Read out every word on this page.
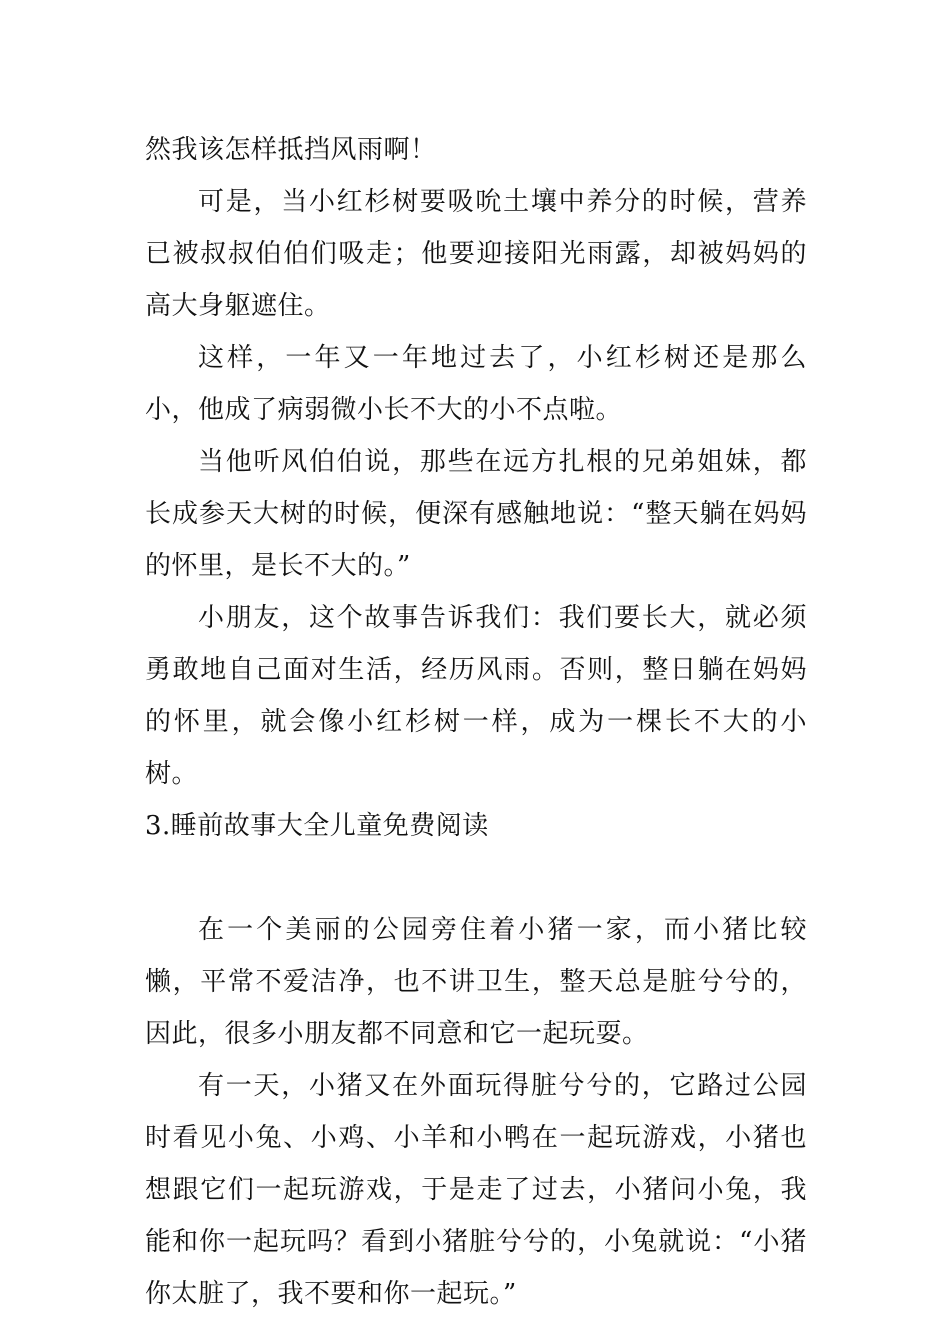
然我该怎样抵挡风雨啊！

可是，当小红杉树要吸吮土壤中养分的时候，营养已被叔叔伯伯们吸走；他要迎接阳光雨露，却被妈妈的高大身躯遮住。

这样，一年又一年地过去了，小红杉树还是那么小，他成了病弱微小长不大的小不点啦。

当他听风伯伯说，那些在远方扎根的兄弟姐妹，都长成参天大树的时候，便深有感触地说：“整天躺在妈妈的怀里，是长不大的。”

小朋友，这个故事告诉我们：我们要长大，就必须勇敢地自己面对生活，经历风雨。否则，整日躺在妈妈的怀里，就会像小红杉树一样，成为一棵长不大的小树。

3.睡前故事大全儿童免费阅读

在一个美丽的公园旁住着小猪一家，而小猪比较懒，平常不爱洁净，也不讲卫生，整天总是脏兮兮的，因此，很多小朋友都不同意和它一起玩耍。

有一天，小猪又在外面玩得脏兮兮的，它路过公园时看见小兔、小鸡、小羊和小鸭在一起玩游戏，小猪也想跟它们一起玩游戏，于是走了过去，小猪问小兔，我能和你一起玩吗？看到小猪脏兮兮的，小兔就说：“小猪你太脏了，我不要和你一起玩。”
